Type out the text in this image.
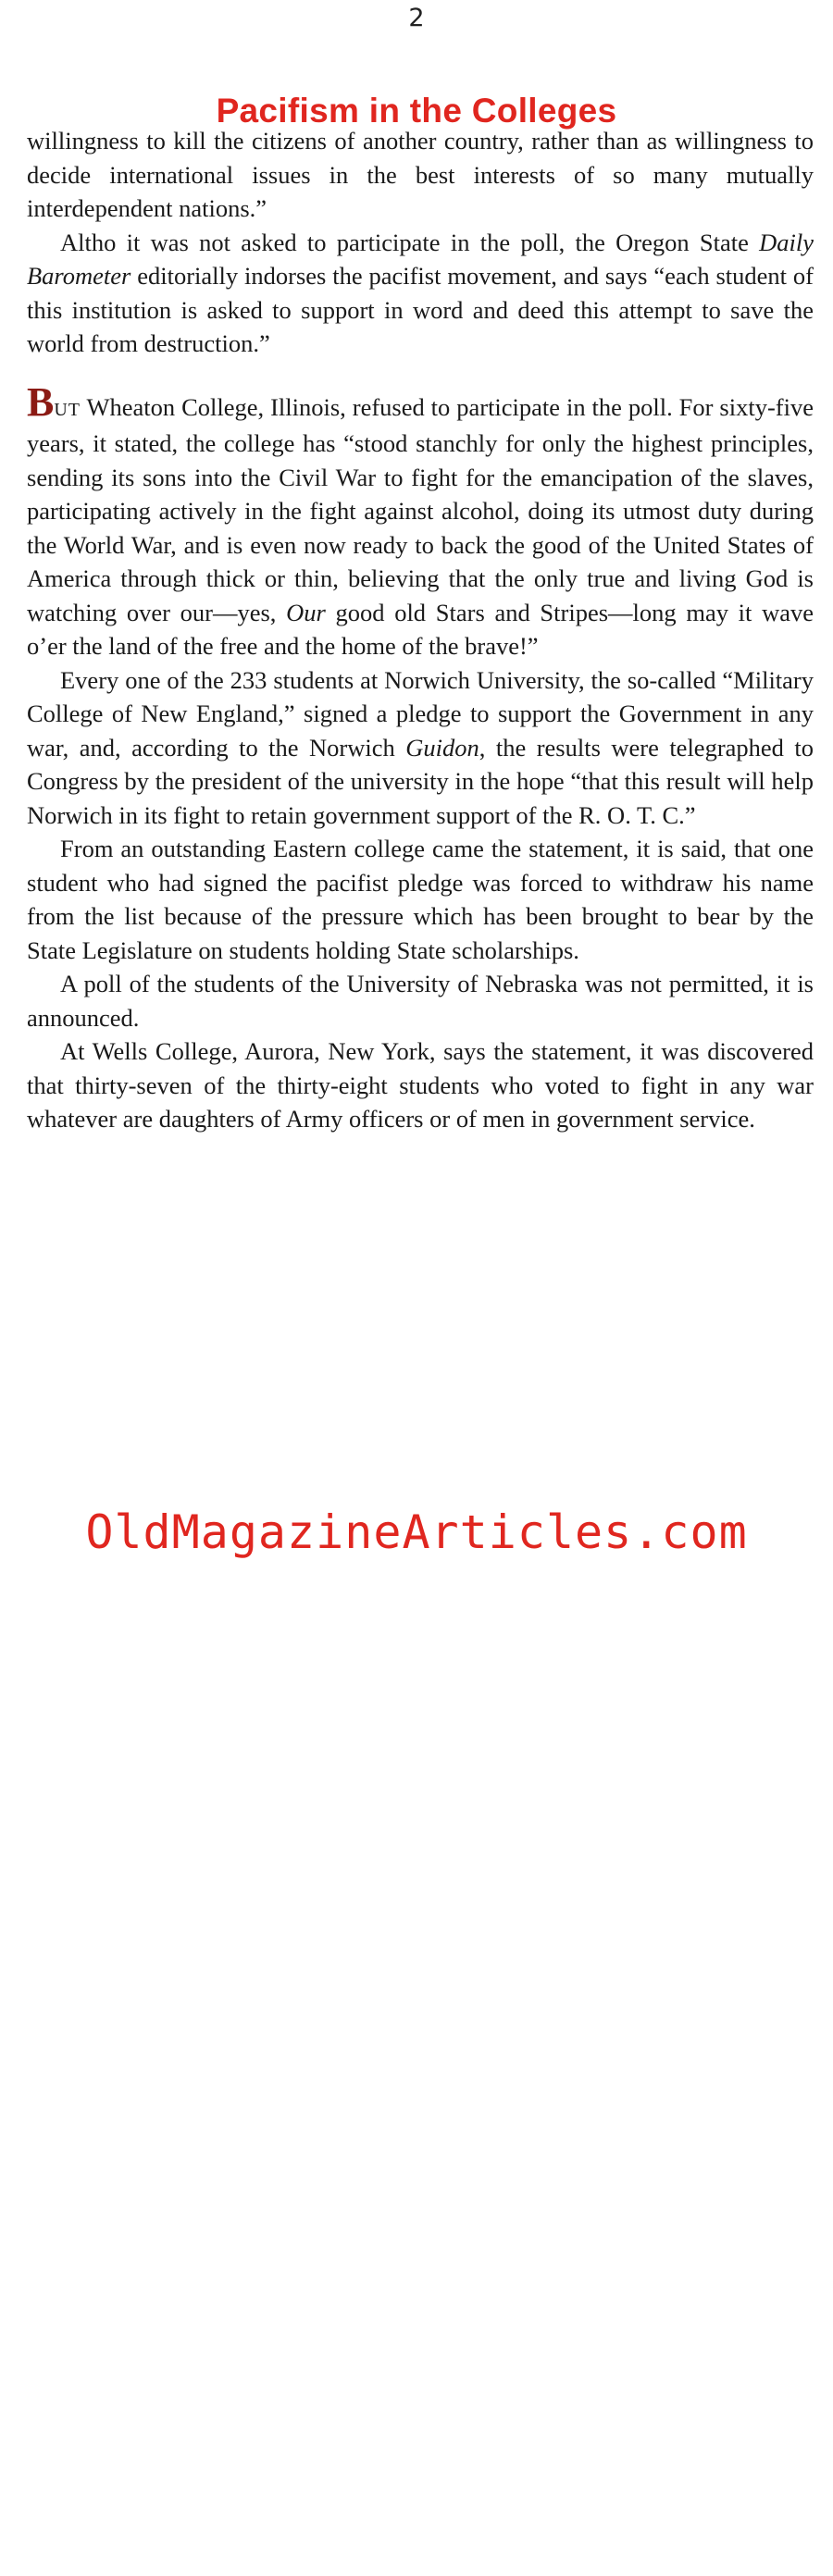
2
Pacifism in the Colleges

willingness to kill the citizens of another country, rather than as willingness to decide international issues in the best interests of so many mutually interdependent nations.”

Altho it was not asked to participate in the poll, the Oregon State Daily Barometer editorially indorses the pacifist movement, and says “each student of this institution is asked to support in word and deed this attempt to save the world from destruction.”

BUT Wheaton College, Illinois, refused to participate in the poll. For sixty-five years, it stated, the college has “stood stanchly for only the highest principles, sending its sons into the Civil War to fight for the emancipation of the slaves, participating actively in the fight against alcohol, doing its utmost duty during the World War, and is even now ready to back the good of the United States of America through thick or thin, believing that the only true and living God is watching over our—yes, Our good old Stars and Stripes—long may it wave o’er the land of the free and the home of the brave!”

Every one of the 233 students at Norwich University, the so-called “Military College of New England,” signed a pledge to support the Government in any war, and, according to the Norwich Guidon, the results were telegraphed to Congress by the president of the university in the hope “that this result will help Norwich in its fight to retain government support of the R. O. T. C.”

From an outstanding Eastern college came the statement, it is said, that one student who had signed the pacifist pledge was forced to withdraw his name from the list because of the pressure which has been brought to bear by the State Legislature on students holding State scholarships.

A poll of the students of the University of Nebraska was not permitted, it is announced.

At Wells College, Aurora, New York, says the statement, it was discovered that thirty-seven of the thirty-eight students who voted to fight in any war whatever are daughters of Army officers or of men in government service.

OldMagazineArticles.com
